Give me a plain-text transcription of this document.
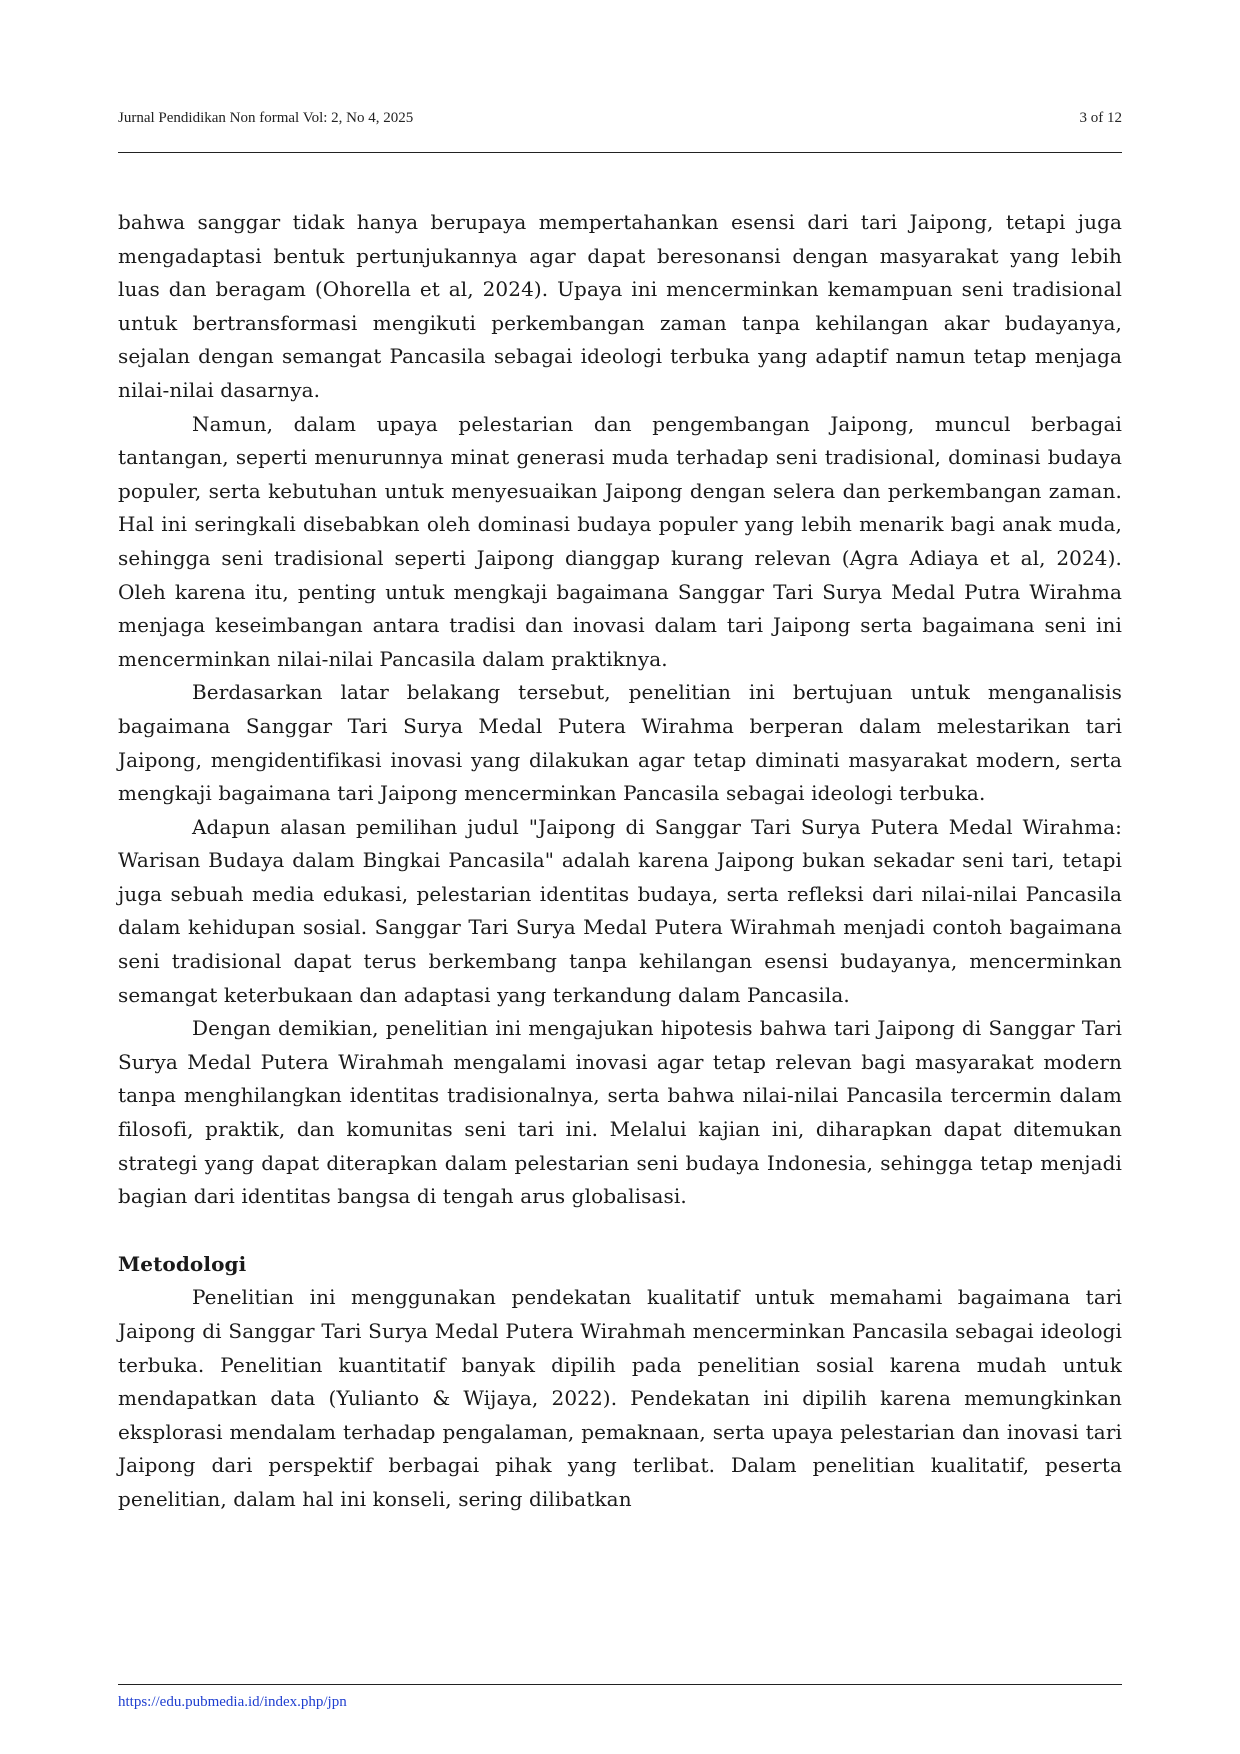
Jurnal Pendidikan Non formal Vol: 2, No 4, 2025	3 of 12

bahwa sanggar tidak hanya berupaya mempertahankan esensi dari tari Jaipong, tetapi juga mengadaptasi bentuk pertunjukannya agar dapat beresonansi dengan masyarakat yang lebih luas dan beragam (Ohorella et al, 2024). Upaya ini mencerminkan kemampuan seni tradisional untuk bertransformasi mengikuti perkembangan zaman tanpa kehilangan akar budayanya, sejalan dengan semangat Pancasila sebagai ideologi terbuka yang adaptif namun tetap menjaga nilai-nilai dasarnya.

Namun, dalam upaya pelestarian dan pengembangan Jaipong, muncul berbagai tantangan, seperti menurunnya minat generasi muda terhadap seni tradisional, dominasi budaya populer, serta kebutuhan untuk menyesuaikan Jaipong dengan selera dan perkembangan zaman. Hal ini seringkali disebabkan oleh dominasi budaya populer yang lebih menarik bagi anak muda, sehingga seni tradisional seperti Jaipong dianggap kurang relevan (Agra Adiaya et al, 2024). Oleh karena itu, penting untuk mengkaji bagaimana Sanggar Tari Surya Medal Putra Wirahma menjaga keseimbangan antara tradisi dan inovasi dalam tari Jaipong serta bagaimana seni ini mencerminkan nilai-nilai Pancasila dalam praktiknya.

Berdasarkan latar belakang tersebut, penelitian ini bertujuan untuk menganalisis bagaimana Sanggar Tari Surya Medal Putera Wirahma berperan dalam melestarikan tari Jaipong, mengidentifikasi inovasi yang dilakukan agar tetap diminati masyarakat modern, serta mengkaji bagaimana tari Jaipong mencerminkan Pancasila sebagai ideologi terbuka.

Adapun alasan pemilihan judul "Jaipong di Sanggar Tari Surya Putera Medal Wirahma: Warisan Budaya dalam Bingkai Pancasila" adalah karena Jaipong bukan sekadar seni tari, tetapi juga sebuah media edukasi, pelestarian identitas budaya, serta refleksi dari nilai-nilai Pancasila dalam kehidupan sosial. Sanggar Tari Surya Medal Putera Wirahmah menjadi contoh bagaimana seni tradisional dapat terus berkembang tanpa kehilangan esensi budayanya, mencerminkan semangat keterbukaan dan adaptasi yang terkandung dalam Pancasila.

Dengan demikian, penelitian ini mengajukan hipotesis bahwa tari Jaipong di Sanggar Tari Surya Medal Putera Wirahmah mengalami inovasi agar tetap relevan bagi masyarakat modern tanpa menghilangkan identitas tradisionalnya, serta bahwa nilai-nilai Pancasila tercermin dalam filosofi, praktik, dan komunitas seni tari ini. Melalui kajian ini, diharapkan dapat ditemukan strategi yang dapat diterapkan dalam pelestarian seni budaya Indonesia, sehingga tetap menjadi bagian dari identitas bangsa di tengah arus globalisasi.

Metodologi

Penelitian ini menggunakan pendekatan kualitatif untuk memahami bagaimana tari Jaipong di Sanggar Tari Surya Medal Putera Wirahmah mencerminkan Pancasila sebagai ideologi terbuka. Penelitian kuantitatif banyak dipilih pada penelitian sosial karena mudah untuk mendapatkan data (Yulianto & Wijaya, 2022). Pendekatan ini dipilih karena memungkinkan eksplorasi mendalam terhadap pengalaman, pemaknaan, serta upaya pelestarian dan inovasi tari Jaipong dari perspektif berbagai pihak yang terlibat. Dalam penelitian kualitatif, peserta penelitian, dalam hal ini konseli, sering dilibatkan

https://edu.pubmedia.id/index.php/jpn
